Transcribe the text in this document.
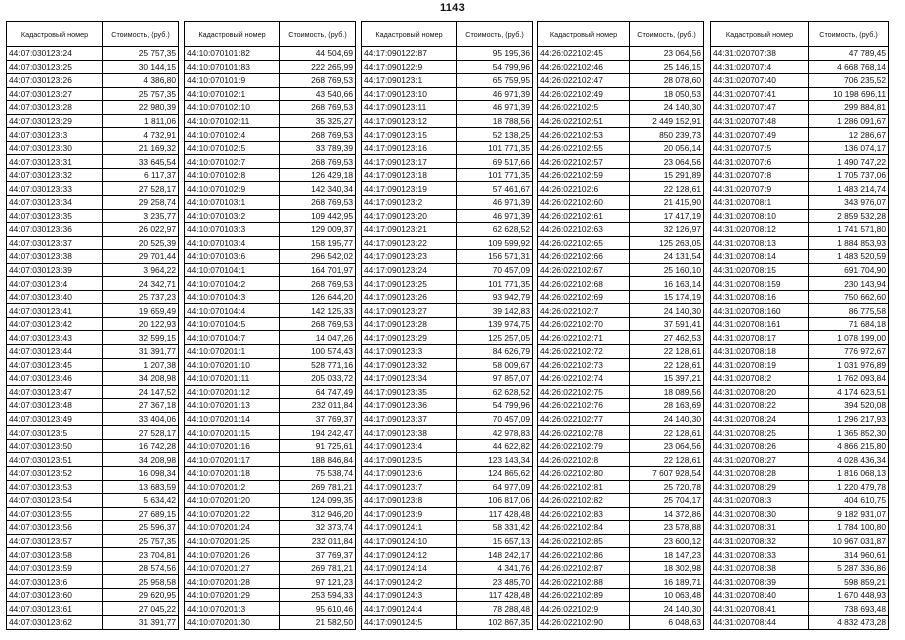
1143
Кадастровый номер	Стоимость, (руб.)
44:07:030123:24	25 757,35
44:07:030123:25	30 144,15
44:07:030123:26	4 386,80
44:07:030123:27	25 757,35
44:07:030123:28	22 980,39
44:07:030123:29	1 811,06
44:07:030123:3	4 732,91
44:07:030123:30	21 169,32
44:07:030123:31	33 645,54
44:07:030123:32	6 117,37
44:07:030123:33	27 528,17
44:07:030123:34	29 258,74
44:07:030123:35	3 235,77
44:07:030123:36	26 022,97
44:07:030123:37	20 525,39
44:07:030123:38	29 701,44
44:07:030123:39	3 964,22
44:07:030123:4	24 342,71
44:07:030123:40	25 737,23
44:07:030123:41	19 659,49
44:07:030123:42	20 122,93
44:07:030123:43	32 599,15
44:07:030123:44	31 391,77
44:07:030123:45	1 207,38
44:07:030123:46	34 208,98
44:07:030123:47	24 147,52
44:07:030123:48	27 367,18
44:07:030123:49	33 404,06
44:07:030123:5	27 528,17
44:07:030123:50	16 742,28
44:07:030123:51	34 208,98
44:07:030123:52	16 098,34
44:07:030123:53	13 683,59
44:07:030123:54	5 634,42
44:07:030123:55	27 689,15
44:07:030123:56	25 596,37
44:07:030123:57	25 757,35
44:07:030123:58	23 704,81
44:07:030123:59	28 574,56
44:07:030123:6	25 958,58
44:07:030123:60	29 620,95
44:07:030123:61	27 045,22
44:07:030123:62	31 391,77
Кадастровый номер	Стоимость, (руб.)
44:10:070101:82	44 504,69
44:10:070101:83	222 265,99
44:10:070101:9	268 769,53
44:10:070102:1	43 540,66
44:10:070102:10	268 769,53
44:10:070102:11	35 325,27
44:10:070102:4	268 769,53
44:10:070102:5	33 789,39
44:10:070102:7	268 769,53
44:10:070102:8	126 429,18
44:10:070102:9	142 340,34
44:10:070103:1	268 769,53
44:10:070103:2	109 442,95
44:10:070103:3	129 009,37
44:10:070103:4	158 195,77
44:10:070103:6	296 542,02
44:10:070104:1	164 701,97
44:10:070104:2	268 769,53
44:10:070104:3	126 644,20
44:10:070104:4	142 125,33
44:10:070104:5	268 769,53
44:10:070104:7	14 047,26
44:10:070201:1	100 574,43
44:10:070201:10	528 771,16
44:10:070201:11	205 033,72
44:10:070201:12	64 747,49
44:10:070201:13	232 011,84
44:10:070201:14	37 769,37
44:10:070201:15	194 242,47
44:10:070201:16	91 725,61
44:10:070201:17	188 846,84
44:10:070201:18	75 538,74
44:10:070201:2	269 781,21
44:10:070201:20	124 099,35
44:10:070201:22	312 946,20
44:10:070201:24	32 373,74
44:10:070201:25	232 011,84
44:10:070201:26	37 769,37
44:10:070201:27	269 781,21
44:10:070201:28	97 121,23
44:10:070201:29	253 594,33
44:10:070201:3	95 610,46
44:10:070201:30	21 582,50
Кадастровый номер	Стоимость, (руб.)
44:17:090122:87	95 195,36
44:17:090122:9	54 799,96
44:17:090123:1	65 759,95
44:17:090123:10	46 971,39
44:17:090123:11	46 971,39
44:17:090123:12	18 788,56
44:17:090123:15	52 138,25
44:17:090123:16	101 771,35
44:17:090123:17	69 517,66
44:17:090123:18	101 771,35
44:17:090123:19	57 461,67
44:17:090123:2	46 971,39
44:17:090123:20	46 971,39
44:17:090123:21	62 628,52
44:17:090123:22	109 599,92
44:17:090123:23	156 571,31
44:17:090123:24	70 457,09
44:17:090123:25	101 771,35
44:17:090123:26	93 942,79
44:17:090123:27	39 142,83
44:17:090123:28	139 974,75
44:17:090123:29	125 257,05
44:17:090123:3	84 626,79
44:17:090123:32	58 009,67
44:17:090123:34	97 857,07
44:17:090123:35	62 628,52
44:17:090123:36	54 799,96
44:17:090123:37	70 457,09
44:17:090123:38	42 978,83
44:17:090123:4	44 622,82
44:17:090123:5	123 143,34
44:17:090123:6	124 865,62
44:17:090123:7	64 977,09
44:17:090123:8	106 817,06
44:17:090123:9	117 428,48
44:17:090124:1	58 331,42
44:17:090124:10	15 657,13
44:17:090124:12	148 242,17
44:17:090124:14	4 341,76
44:17:090124:2	23 485,70
44:17:090124:3	117 428,48
44:17:090124:4	78 288,48
44:17:090124:5	102 867,35
Кадастровый номер	Стоимость, (руб.)
44:26:022102:45	23 064,56
44:26:022102:46	25 146,15
44:26:022102:47	28 078,60
44:26:022102:49	18 050,53
44:26:022102:5	24 140,30
44:26:022102:51	2 449 152,91
44:26:022102:53	850 239,73
44:26:022102:55	20 056,14
44:26:022102:57	23 064,56
44:26:022102:59	15 291,89
44:26:022102:6	22 128,61
44:26:022102:60	21 415,90
44:26:022102:61	17 417,19
44:26:022102:63	32 126,97
44:26:022102:65	125 263,05
44:26:022102:66	24 131,54
44:26:022102:67	25 160,10
44:26:022102:68	16 163,14
44:26:022102:69	15 174,19
44:26:022102:7	24 140,30
44:26:022102:70	37 591,41
44:26:022102:71	27 462,53
44:26:022102:72	22 128,61
44:26:022102:73	22 128,61
44:26:022102:74	15 397,21
44:26:022102:75	18 089,56
44:26:022102:76	28 163,69
44:26:022102:77	24 140,30
44:26:022102:78	22 128,61
44:26:022102:79	23 064,56
44:26:022102:8	22 128,61
44:26:022102:80	7 607 928,54
44:26:022102:81	25 720,78
44:26:022102:82	25 704,17
44:26:022102:83	14 372,86
44:26:022102:84	23 578,88
44:26:022102:85	23 600,12
44:26:022102:86	18 147,23
44:26:022102:87	18 302,98
44:26:022102:88	16 189,71
44:26:022102:89	10 063,48
44:26:022102:9	24 140,30
44:26:022102:90	6 048,63
Кадастровый номер	Стоимость, (руб.)
44:31:020707:38	47 789,45
44:31:020707:4	4 668 768,14
44:31:020707:40	706 235,52
44:31:020707:41	10 198 696,11
44:31:020707:47	299 884,81
44:31:020707:48	1 286 091,67
44:31:020707:49	12 286,67
44:31:020707:5	136 074,17
44:31:020707:6	1 490 747,22
44:31:020707:8	1 705 737,06
44:31:020707:9	1 483 214,74
44:31:020708:1	343 976,07
44:31:020708:10	2 859 532,28
44:31:020708:12	1 741 571,80
44:31:020708:13	1 884 853,93
44:31:020708:14	1 483 520,59
44:31:020708:15	691 704,90
44:31:020708:159	230 143,94
44:31:020708:16	750 662,60
44:31:020708:160	86 775,58
44:31:020708:161	71 684,18
44:31:020708:17	1 078 199,00
44:31:020708:18	776 972,67
44:31:020708:19	1 031 976,89
44:31:020708:2	1 762 093,84
44:31:020708:20	4 174 623,51
44:31:020708:22	394 520,08
44:31:020708:24	1 296 217,93
44:31:020708:25	1 365 852,30
44:31:020708:26	4 866 215,80
44:31:020708:27	4 028 436,34
44:31:020708:28	1 816 068,13
44:31:020708:29	1 220 479,78
44:31:020708:3	404 610,75
44:31:020708:30	9 182 931,07
44:31:020708:31	1 784 100,80
44:31:020708:32	10 967 031,87
44:31:020708:33	314 960,61
44:31:020708:38	5 287 336,86
44:31:020708:39	598 859,21
44:31:020708:40	1 670 448,93
44:31:020708:41	738 693,48
44:31:020708:44	4 832 473,28
